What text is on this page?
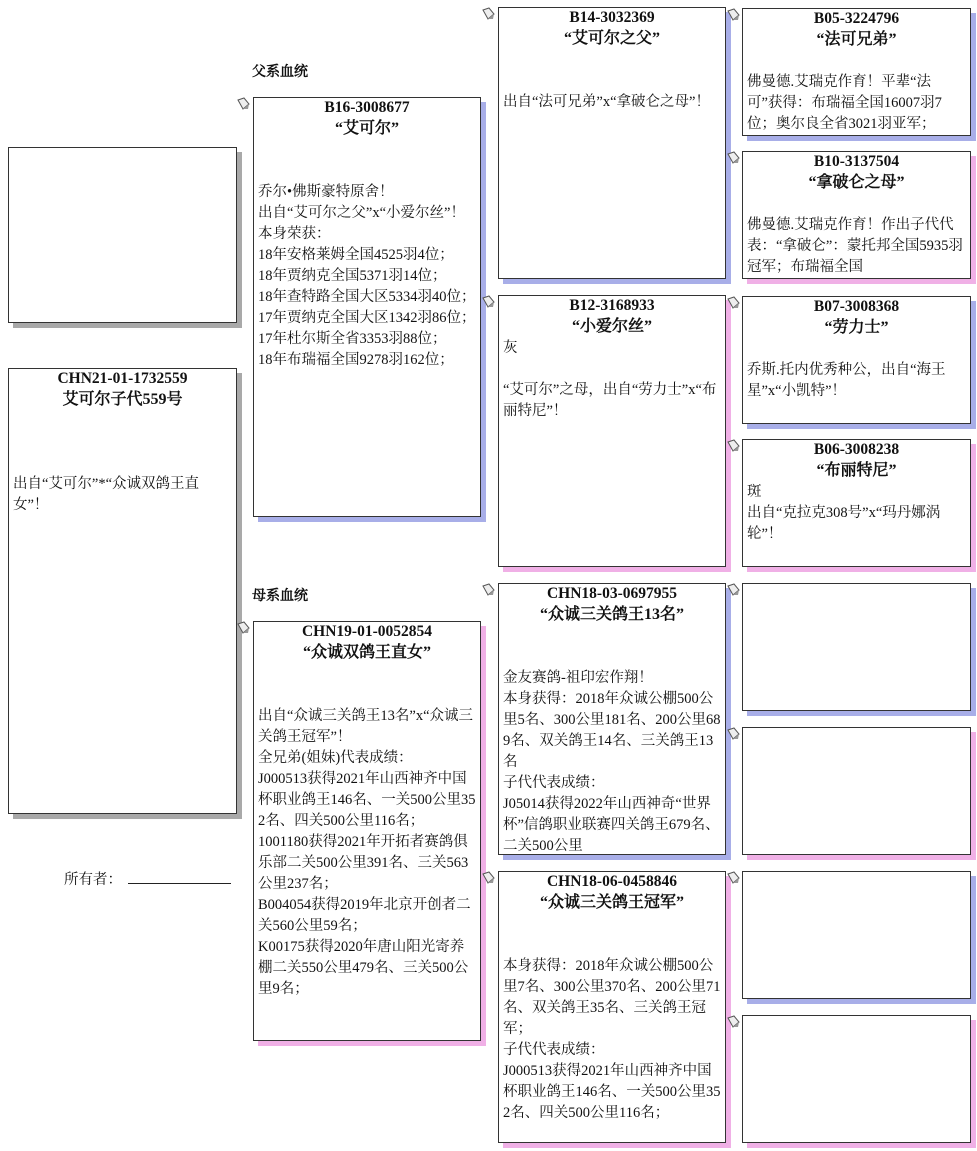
CHN21-01-1732559
艾可尔子代559号

出自“艾可尔”*“众诚双鸽王直女”！
所有者：
父系血统
母系血统
B16-3008677
“艾可尔”

乔尔•佛斯豪特原舍！
出自“艾可尔之父”x“小爱尔丝”！
本身荣获：
18年安格莱姆全国4525羽4位；
18年贾纳克全国5371羽14位；
18年查特路全国大区5334羽40位；
17年贾纳克全国大区1342羽86位；
17年杜尔斯全省3353羽88位；
18年布瑞福全国9278羽162位；
CHN19-01-0052854
“众诚双鸽王直女”

出自“众诚三关鸽王13名”x“众诚三关鸽王冠军”！
全兄弟(姐妹)代表成绩：
J000513获得2021年山西神齐中国杯职业鸽王146名、一关500公里352名、四关500公里116名；
1001180获得2021年开拓者赛鸽俱乐部二关500公里391名、三关563公里237名；
B004054获得2019年北京开创者二关560公里59名；
K00175获得2020年唐山阳光寄养棚二关550公里479名、三关500公里9名；
B14-3032369
“艾可尔之父”

出自“法可兄弟”x“拿破仑之母”！
B12-3168933
“小爱尔丝”
灰

“艾可尔”之母，出自“劳力士”x“布丽特尼”！
CHN18-03-0697955
“众诚三关鸽王13名”

金友赛鸽-祖印宏作翔！
本身获得：2018年众诚公棚500公里5名、300公里181名、200公里689名、双关鸽王14名、三关鸽王13名
子代代表成绩：
J05014获得2022年山西神奇“世界杯”信鸽职业联赛四关鸽王679名、二关500公里
CHN18-06-0458846
“众诚三关鸽王冠军”

本身获得：2018年众诚公棚500公里7名、300公里370名、200公里71名、双关鸽王35名、三关鸽王冠军；
子代代表成绩：
J000513获得2021年山西神齐中国杯职业鸽王146名、一关500公里352名、四关500公里116名；
B05-3224796
“法可兄弟”

佛曼德.艾瑞克作育！平辈“法可”获得：布瑞福全国16007羽7位；奥尔良全省3021羽亚军；
B10-3137504
“拿破仑之母”

佛曼德.艾瑞克作育！作出子代代表：“拿破仑”：蒙托邦全国5935羽冠军；布瑞福全国
B07-3008368
“劳力士”

乔斯.托内优秀种公，出自“海王星”x“小凯特”！
B06-3008238
“布丽特尼”
斑
出自“克拉克308号”x“玛丹娜涡轮”！
